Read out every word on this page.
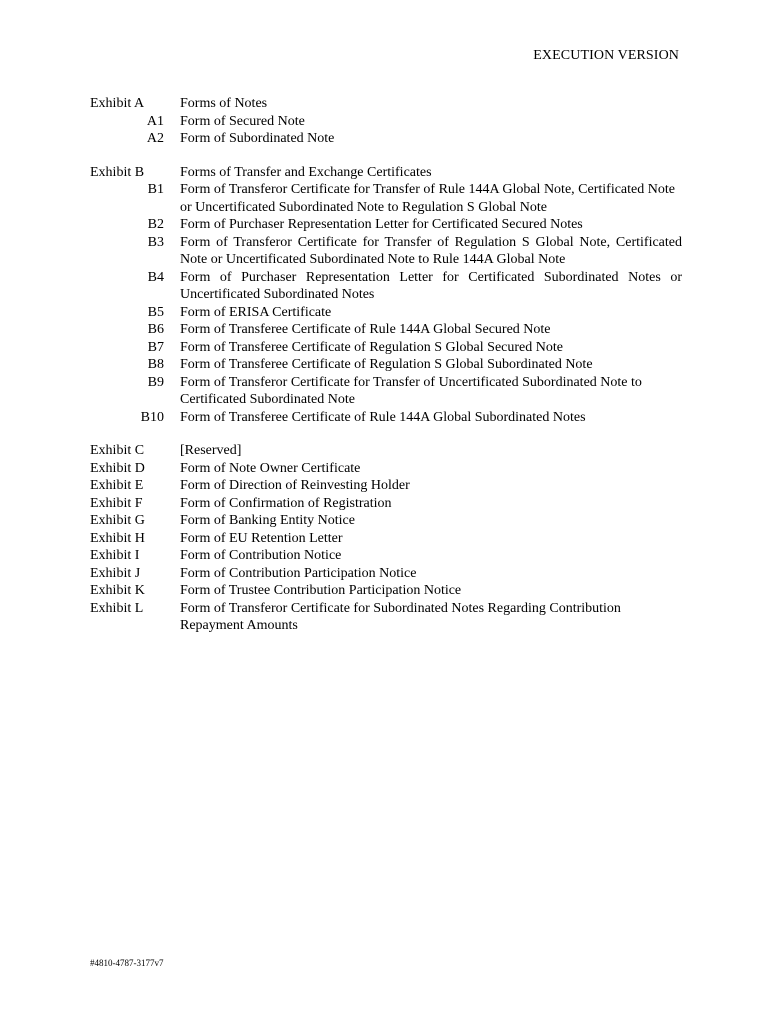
EXECUTION VERSION
Exhibit A	Forms of Notes
A1	Form of Secured Note
A2	Form of Subordinated Note
Exhibit B	Forms of Transfer and Exchange Certificates
B1	Form of Transferor Certificate for Transfer of Rule 144A Global Note, Certificated Note or Uncertificated Subordinated Note to Regulation S Global Note
B2	Form of Purchaser Representation Letter for Certificated Secured Notes
B3	Form of Transferor Certificate for Transfer of Regulation S Global Note, Certificated Note or Uncertificated Subordinated Note to Rule 144A Global Note
B4	Form of Purchaser Representation Letter for Certificated Subordinated Notes or Uncertificated Subordinated Notes
B5	Form of ERISA Certificate
B6	Form of Transferee Certificate of Rule 144A Global Secured Note
B7	Form of Transferee Certificate of Regulation S Global Secured Note
B8	Form of Transferee Certificate of Regulation S Global Subordinated Note
B9	Form of Transferor Certificate for Transfer of Uncertificated Subordinated Note to Certificated Subordinated Note
B10	Form of Transferee Certificate of Rule 144A Global Subordinated Notes
Exhibit C	[Reserved]
Exhibit D	Form of Note Owner Certificate
Exhibit E	Form of Direction of Reinvesting Holder
Exhibit F	Form of Confirmation of Registration
Exhibit G	Form of Banking Entity Notice
Exhibit H	Form of EU Retention Letter
Exhibit I	Form of Contribution Notice
Exhibit J	Form of Contribution Participation Notice
Exhibit K	Form of Trustee Contribution Participation Notice
Exhibit L	Form of Transferor Certificate for Subordinated Notes Regarding Contribution Repayment Amounts
#4810-4787-3177v7
